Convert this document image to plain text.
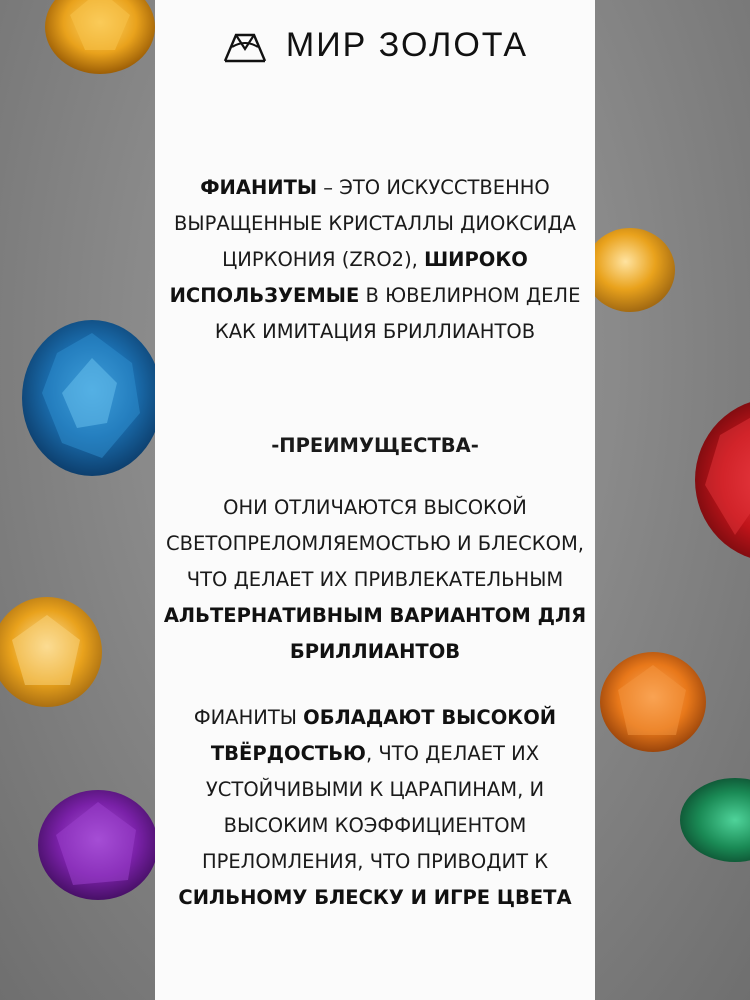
МИР ЗОЛОТА
ФИАНИТЫ – ЭТО ИСКУССТВЕННО ВЫРАЩЕННЫЕ КРИСТАЛЛЫ ДИОКСИДА ЦИРКОНИЯ (ZRO2), ШИРОКО ИСПОЛЬЗУЕМЫЕ В ЮВЕЛИРНОМ ДЕЛЕ КАК ИМИТАЦИЯ БРИЛЛИАНТОВ
-ПРЕИМУЩЕСТВА-
ОНИ ОТЛИЧАЮТСЯ ВЫСОКОЙ СВЕТОПРЕЛОМЛЯЕМОСТЬЮ И БЛЕСКОМ, ЧТО ДЕЛАЕТ ИХ ПРИВЛЕКАТЕЛЬНЫМ АЛЬТЕРНАТИВНЫМ ВАРИАНТОМ ДЛЯ БРИЛЛИАНТОВ
ФИАНИТЫ ОБЛАДАЮТ ВЫСОКОЙ ТВЁРДОСТЬЮ, ЧТО ДЕЛАЕТ ИХ УСТОЙЧИВЫМИ К ЦАРАПИНАМ, И ВЫСОКИМ КОЭФФИЦИЕНТОМ ПРЕЛОМЛЕНИЯ, ЧТО ПРИВОДИТ К СИЛЬНОМУ БЛЕСКУ И ИГРЕ ЦВЕТА
